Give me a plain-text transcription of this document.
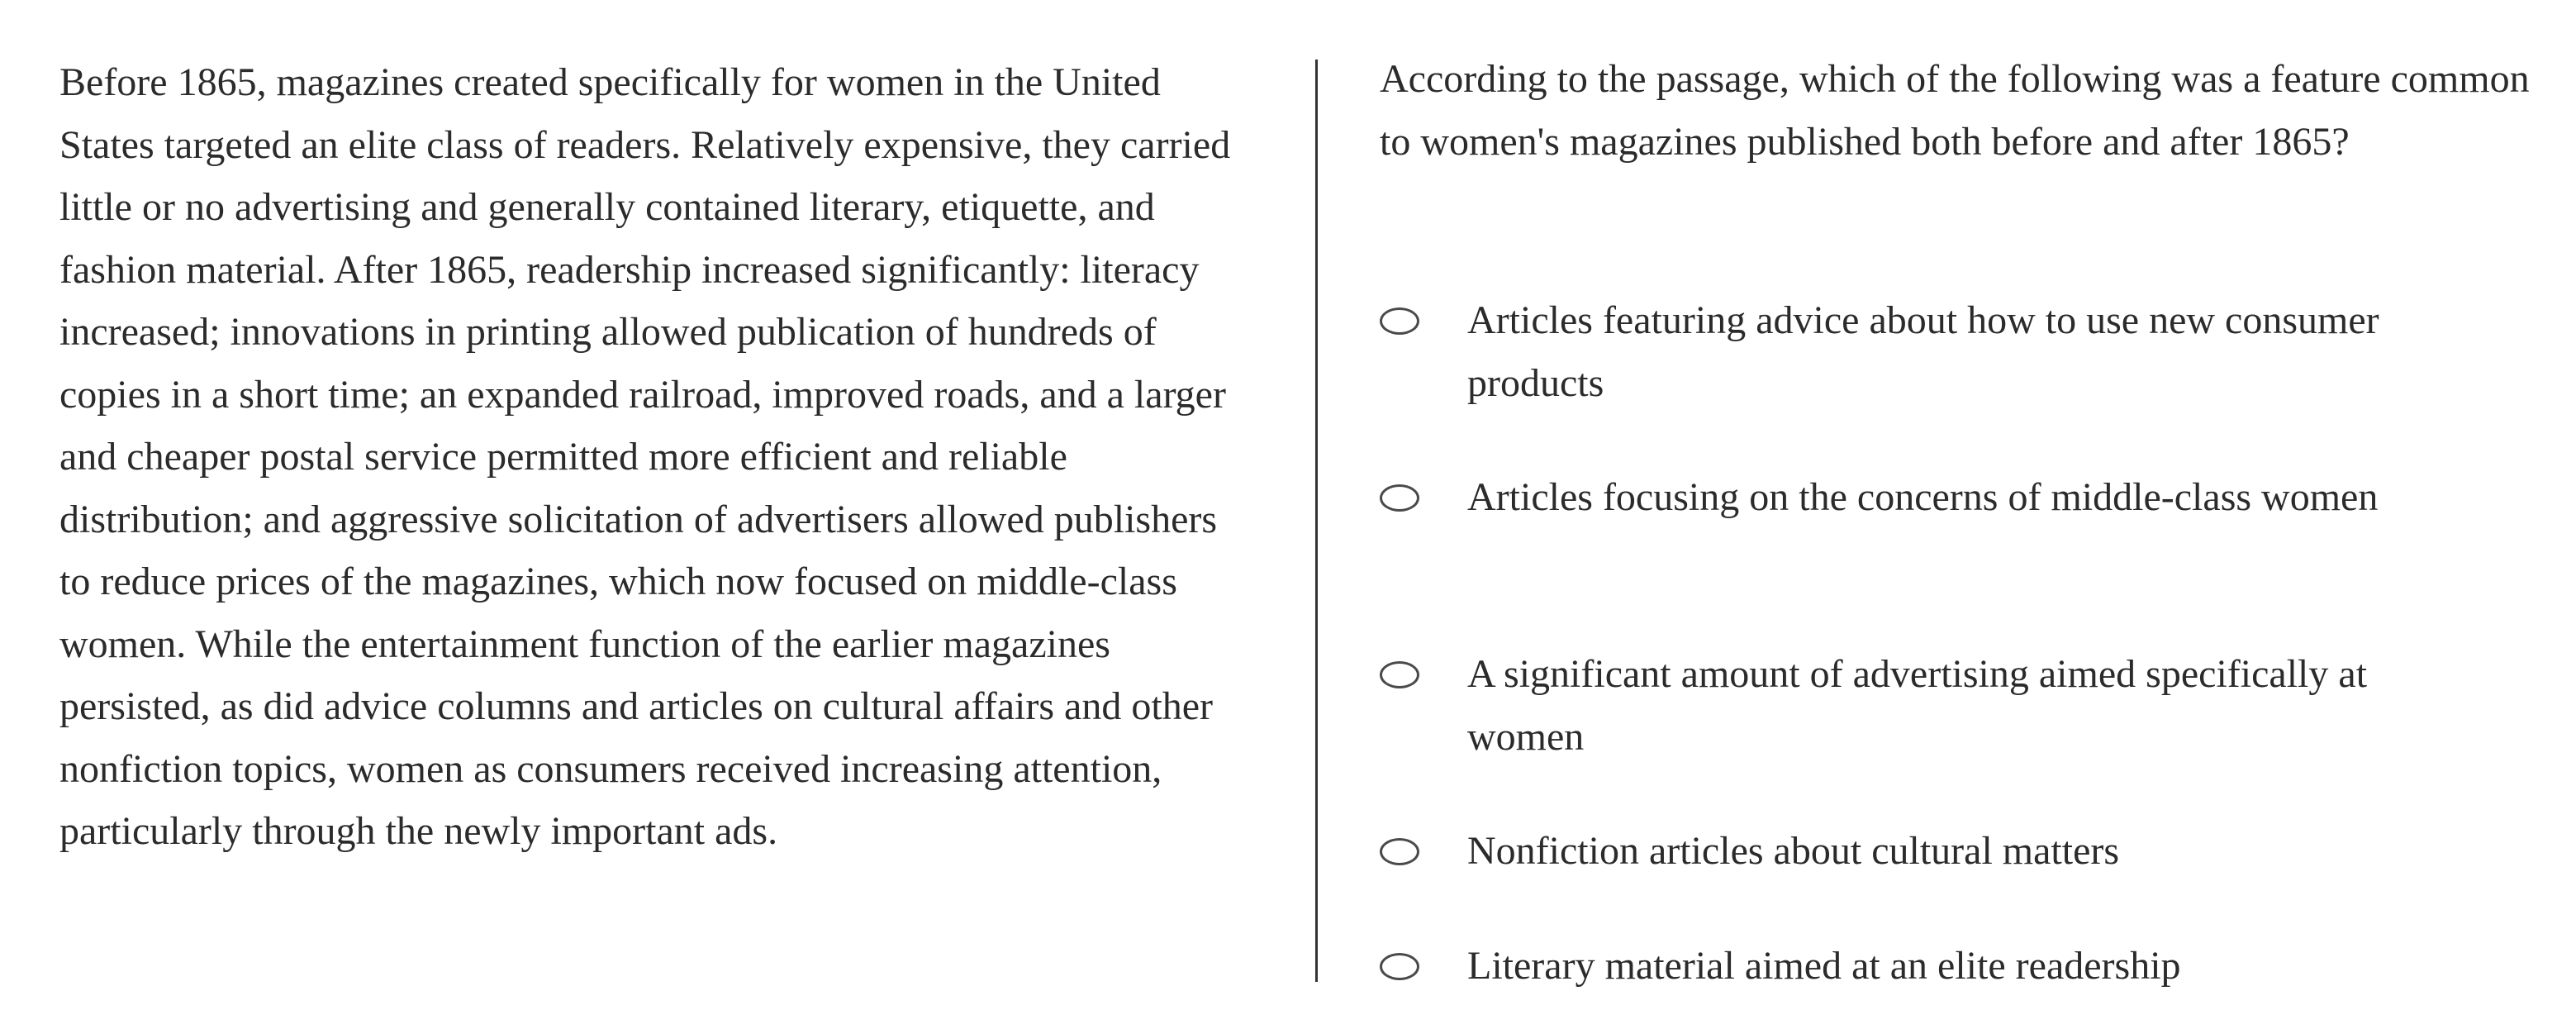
Before 1865, magazines created specifically for women in the United States targeted an elite class of readers. Relatively expensive, they carried little or no advertising and generally contained literary, etiquette, and fashion material. After 1865, readership increased significantly: literacy increased; innovations in printing allowed publication of hundreds of copies in a short time; an expanded railroad, improved roads, and a larger and cheaper postal service permitted more efficient and reliable distribution; and aggressive solicitation of advertisers allowed publishers to reduce prices of the magazines, which now focused on middle-class women. While the entertainment function of the earlier magazines persisted, as did advice columns and articles on cultural affairs and other nonfiction topics, women as consumers received increasing attention, particularly through the newly important ads.
According to the passage, which of the following was a feature common to women's magazines published both before and after 1865?
Articles featuring advice about how to use new consumer products
Articles focusing on the concerns of middle-class women
A significant amount of advertising aimed specifically at women
Nonfiction articles about cultural matters
Literary material aimed at an elite readership
